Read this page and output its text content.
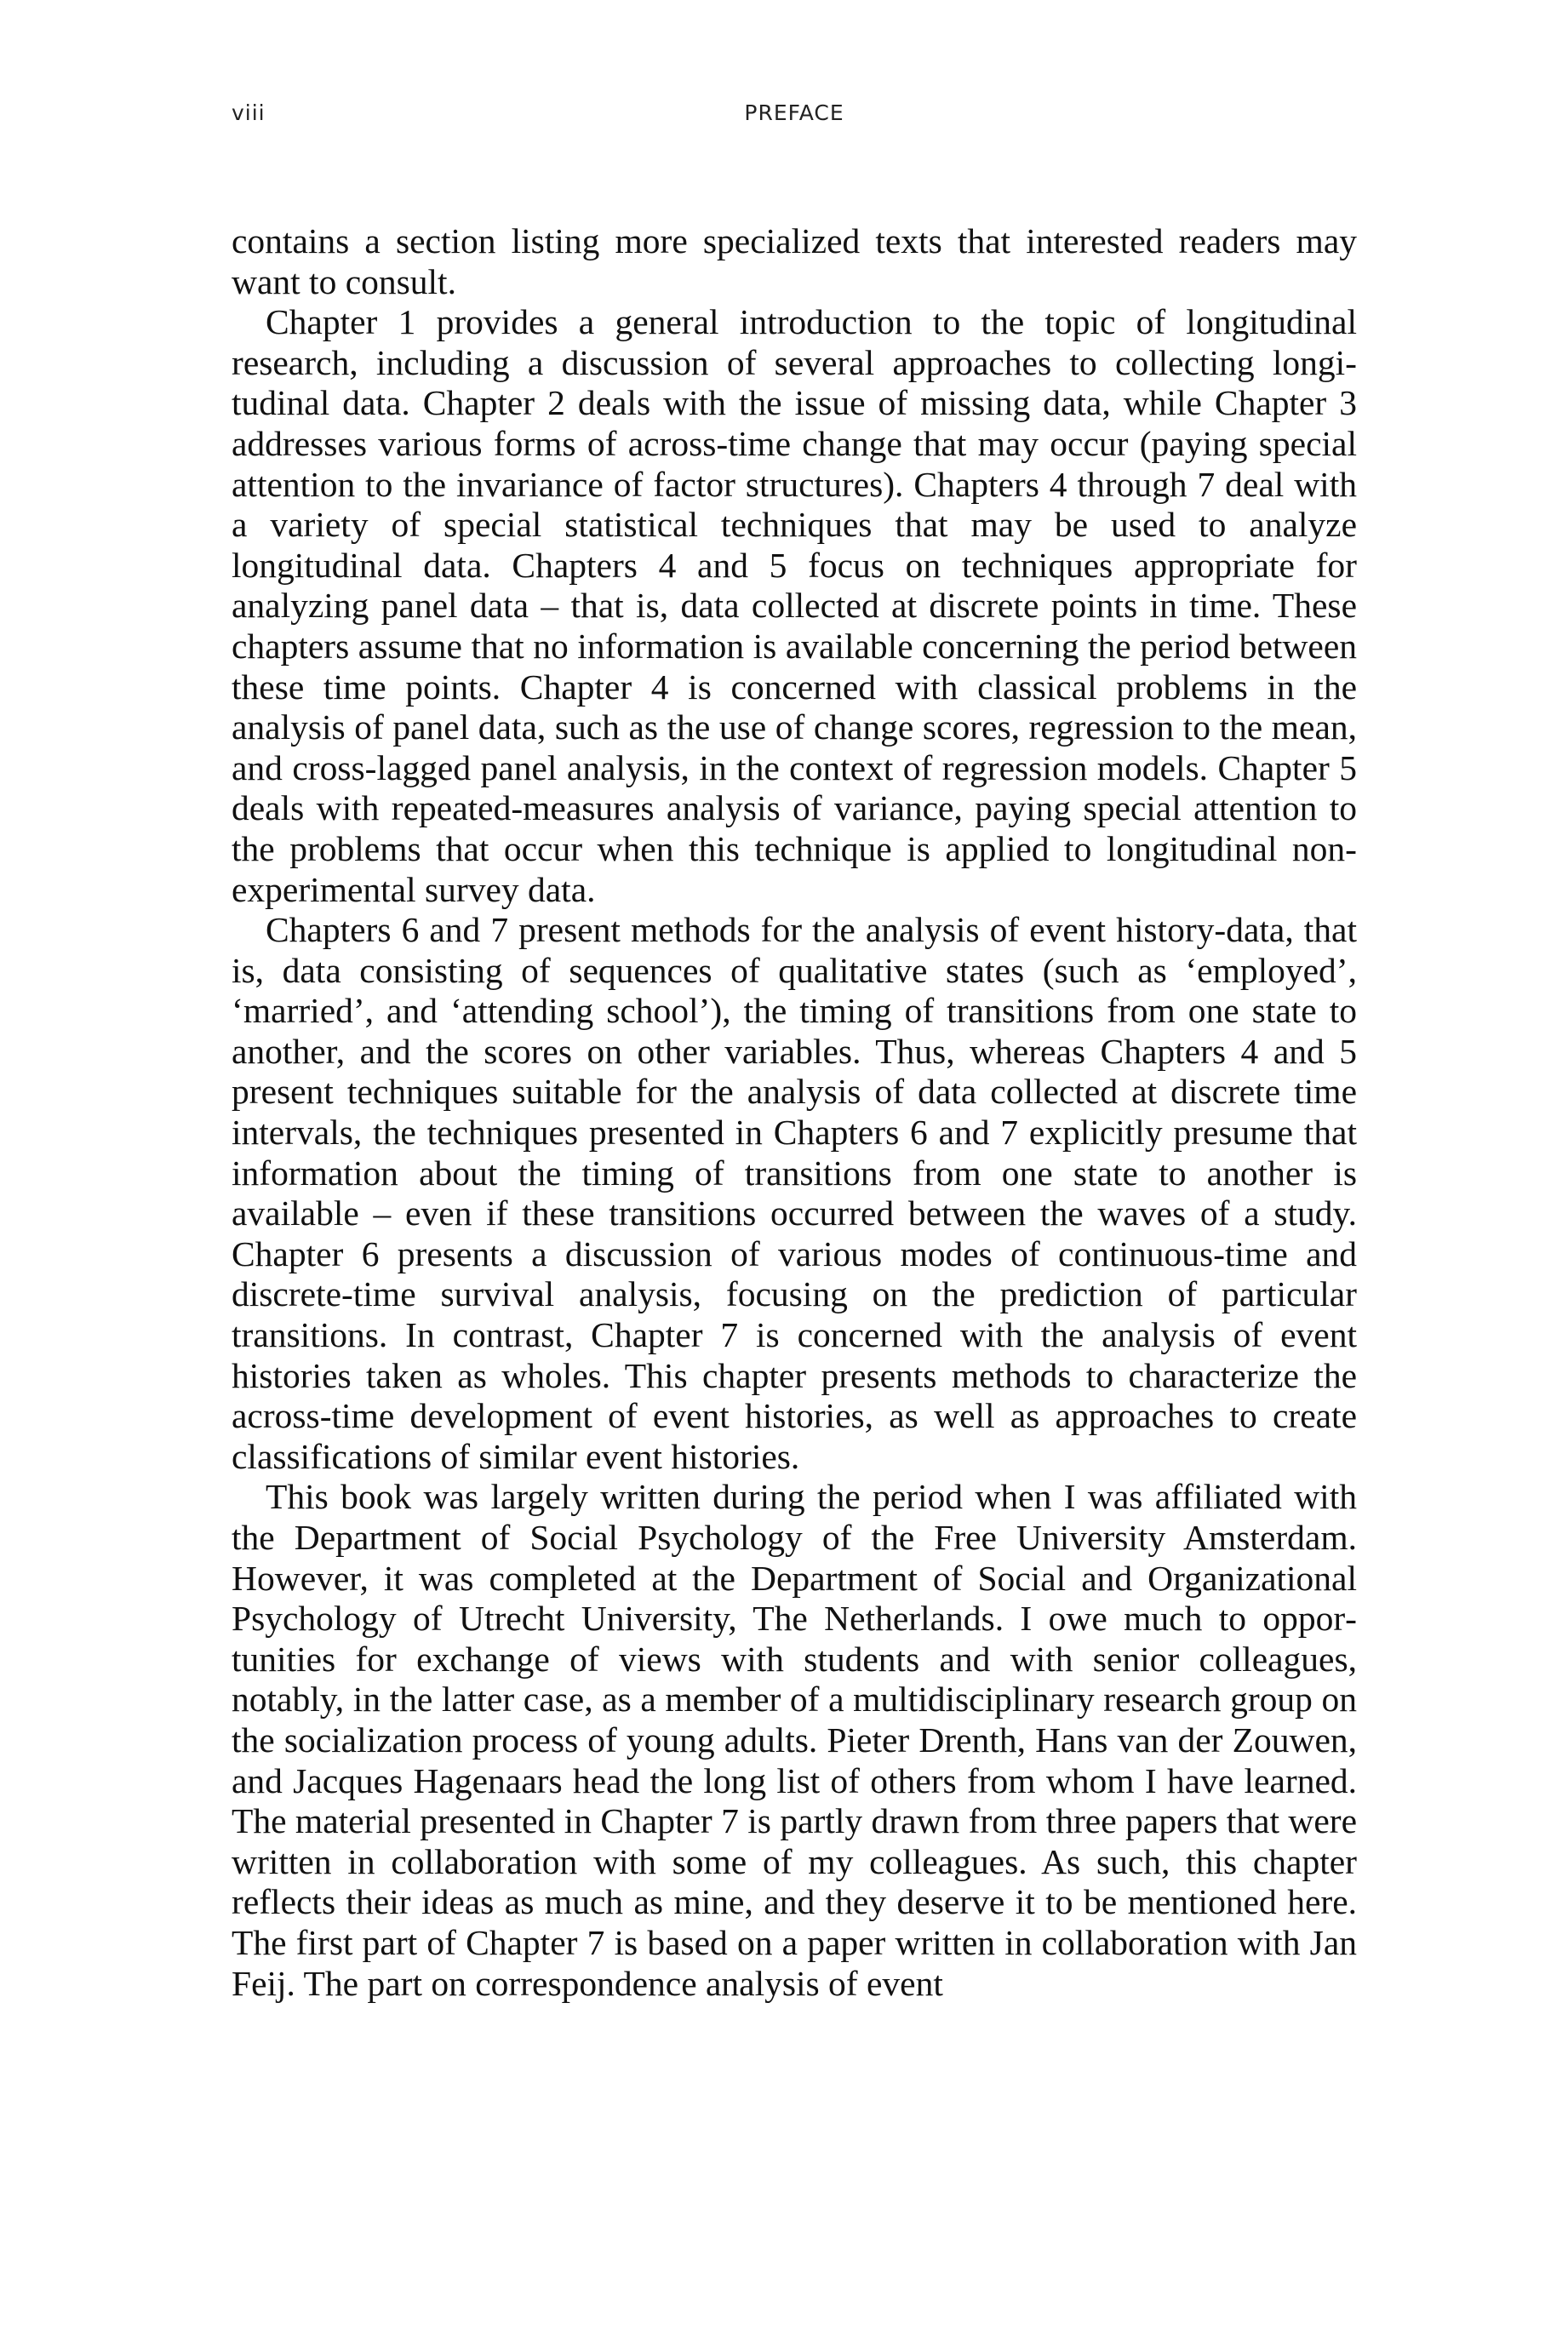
viii	PREFACE

contains a section listing more specialized texts that interested readers may want to consult.

Chapter 1 provides a general introduction to the topic of longitudinal research, including a discussion of several approaches to collecting longitudinal data. Chapter 2 deals with the issue of missing data, while Chapter 3 addresses various forms of across-time change that may occur (paying special attention to the invariance of factor structures). Chapters 4 through 7 deal with a variety of special statistical techniques that may be used to analyze longitudinal data. Chapters 4 and 5 focus on techniques appropriate for analyzing panel data – that is, data collected at discrete points in time. These chapters assume that no information is available concerning the period between these time points. Chapter 4 is concerned with classical problems in the analysis of panel data, such as the use of change scores, regression to the mean, and cross-lagged panel analysis, in the context of regression models. Chapter 5 deals with repeated-measures analysis of variance, paying special attention to the problems that occur when this technique is applied to longitudinal non-experimental survey data.

Chapters 6 and 7 present methods for the analysis of event history-data, that is, data consisting of sequences of qualitative states (such as ‘employed’, ‘married’, and ‘attending school’), the timing of transitions from one state to another, and the scores on other variables. Thus, whereas Chapters 4 and 5 present techniques suitable for the analysis of data collected at discrete time intervals, the techniques presented in Chapters 6 and 7 explicitly presume that information about the timing of transitions from one state to another is available – even if these transitions occurred between the waves of a study. Chapter 6 presents a discussion of various modes of continuous-time and discrete-time survival analysis, focusing on the prediction of particular transitions. In contrast, Chapter 7 is concerned with the analysis of event histories taken as wholes. This chapter presents methods to characterize the across-time development of event histories, as well as approaches to create classifications of similar event histories.

This book was largely written during the period when I was affiliated with the Department of Social Psychology of the Free University Amsterdam. However, it was completed at the Department of Social and Organizational Psychology of Utrecht University, The Netherlands. I owe much to opportunities for exchange of views with students and with senior colleagues, notably, in the latter case, as a member of a multidisciplinary research group on the socialization process of young adults. Pieter Drenth, Hans van der Zouwen, and Jacques Hagenaars head the long list of others from whom I have learned. The material presented in Chapter 7 is partly drawn from three papers that were written in collaboration with some of my colleagues. As such, this chapter reflects their ideas as much as mine, and they deserve it to be mentioned here. The first part of Chapter 7 is based on a paper written in collaboration with Jan Feij. The part on correspondence analysis of event
